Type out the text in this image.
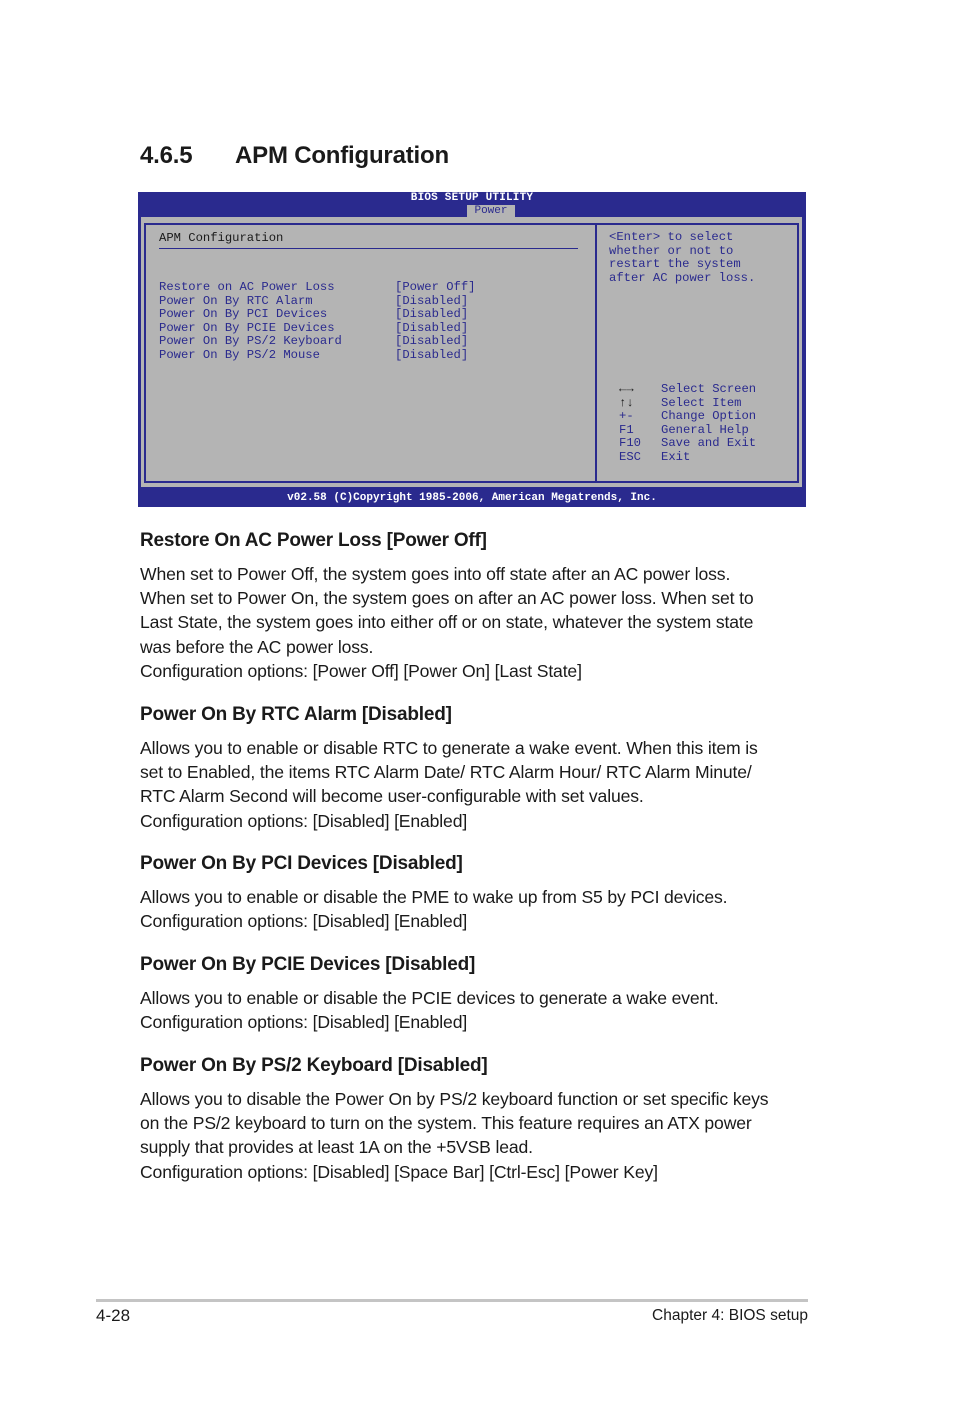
4.6.5 APM Configuration
BIOS SETUP UTILITY
Power
APM Configuration
Restore on AC Power Loss	[Power Off]
Power On By RTC Alarm	[Disabled]
Power On By PCI Devices	[Disabled]
Power On By PCIE Devices	[Disabled]
Power On By PS/2 Keyboard	[Disabled]
Power On By PS/2 Mouse	[Disabled]
<Enter> to select
whether or not to
restart the system
after AC power loss.
←→ Select Screen
↑↓ Select Item
+- Change Option
F1 General Help
F10 Save and Exit
ESC Exit
v02.58 (C)Copyright 1985-2006, American Megatrends, Inc.
Restore On AC Power Loss [Power Off]
When set to Power Off, the system goes into off state after an AC power loss.
When set to Power On, the system goes on after an AC power loss. When set to
Last State, the system goes into either off or on state, whatever the system state
was before the AC power loss.
Configuration options: [Power Off] [Power On] [Last State]
Power On By RTC Alarm [Disabled]
Allows you to enable or disable RTC to generate a wake event. When this item is
set to Enabled, the items RTC Alarm Date/ RTC Alarm Hour/ RTC Alarm Minute/
RTC Alarm Second will become user-configurable with set values.
Configuration options: [Disabled] [Enabled]
Power On By PCI Devices [Disabled]
Allows you to enable or disable the PME to wake up from S5 by PCI devices.
Configuration options: [Disabled] [Enabled]
Power On By PCIE Devices [Disabled]
Allows you to enable or disable the PCIE devices to generate a wake event.
Configuration options: [Disabled] [Enabled]
Power On By PS/2 Keyboard [Disabled]
Allows you to disable the Power On by PS/2 keyboard function or set specific keys
on the PS/2 keyboard to turn on the system. This feature requires an ATX power
supply that provides at least 1A on the +5VSB lead.
Configuration options: [Disabled] [Space Bar] [Ctrl-Esc] [Power Key]
4-28	Chapter 4: BIOS setup
